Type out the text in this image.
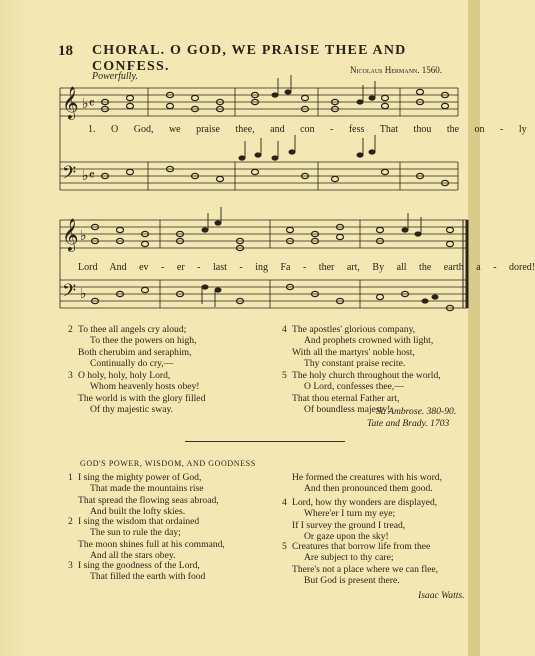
18 CHORAL. O GOD, WE PRAISE THEE AND CONFESS.	Nicolaus Hermann. 1560.
Powerfully.
𝄞
𝄢
♭𝄴
♭𝄴
1. O God, we praise thee, and con - fess That thou the on - ly
𝄞
𝄢
♭
♭
Lord And ev - er - last - ing Fa - ther art, By all the earth a - dored!
2 To thee all angels cry aloud;
To thee the powers on high,
Both cherubim and seraphim,
Continually do cry,—
3 O holy, holy, holy Lord,
Whom heavenly hosts obey!
The world is with the glory filled
Of thy majestic sway.
4 The apostles' glorious company,
And prophets crowned with light,
With all the martyrs' noble host,
Thy constant praise recite.
5 The holy church throughout the world,
O Lord, confesses thee,—
That thou eternal Father art,
Of boundless majesty!
St. Ambrose. 380-90.
Tate and Brady. 1703
GOD'S POWER, WISDOM, AND GOODNESS
1 I sing the mighty power of God,
That made the mountains rise
That spread the flowing seas abroad,
And built the lofty skies.
2 I sing the wisdom that ordained
The sun to rule the day;
The moon shines full at his command,
And all the stars obey.
3 I sing the goodness of the Lord,
That filled the earth with food
He formed the creatures with his word,
And then pronounced them good.
4 Lord, how thy wonders are displayed,
Where'er I turn my eye;
If I survey the ground I tread,
Or gaze upon the sky!
5 Creatures that borrow life from thee
Are subject to thy care;
There's not a place where we can flee,
But God is present there.
Isaac Watts.
